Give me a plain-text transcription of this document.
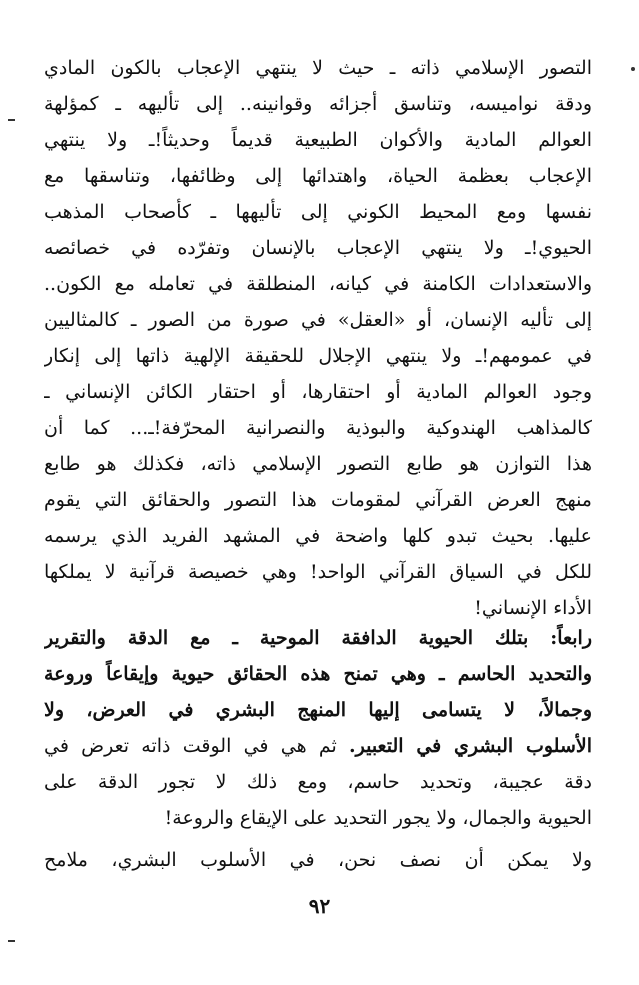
التصور الإسلامي ذاته ـ حيث لا ينتهي الإعجاب بالكون المادي
ودقة نواميسه، وتناسق أجزائه وقوانينه.. إلى تأليهه ـ كمؤلهة
العوالم المادية والأكوان الطبيعية قديماً وحديثاً!ـ ولا ينتهي
الإعجاب بعظمة الحياة، واهتدائها إلى وظائفها، وتناسقها مع
نفسها ومع المحيط الكوني إلى تأليهها ـ كأصحاب المذهب
الحيوي!ـ ولا ينتهي الإعجاب بالإنسان وتفرّده في خصائصه
والاستعدادات الكامنة في كيانه، المنطلقة في تعامله مع الكون..
إلى تأليه الإنسان، أو «العقل» في صورة من الصور ـ كالمثاليين
في عمومهم!ـ ولا ينتهي الإجلال للحقيقة الإلهية ذاتها إلى إنكار
وجود العوالم المادية أو احتقارها، أو احتقار الكائن الإنساني ـ
كالمذاهب الهندوكية والبوذية والنصرانية المحرّفة!ـ... كما أن
هذا التوازن هو طابع التصور الإسلامي ذاته، فكذلك هو طابع
منهج العرض القرآني لمقومات هذا التصور والحقائق التي يقوم
عليها. بحيث تبدو كلها واضحة في المشهد الفريد الذي يرسمه
للكل في السياق القرآني الواحد! وهي خصيصة قرآنية لا يملكها
الأداء الإنساني!
رابعاً: بتلك الحيوية الدافقة الموحية ـ مع الدقة والتقرير
والتحديد الحاسم ـ وهي تمنح هذه الحقائق حيوية وإيقاعاً وروعة
وجمالاً، لا يتسامى إليها المنهج البشري في العرض، ولا
الأسلوب البشري في التعبير. ثم هي في الوقت ذاته تعرض في
دقة عجيبة، وتحديد حاسم، ومع ذلك لا تجور الدقة على
الحيوية والجمال، ولا يجور التحديد على الإيقاع والروعة!
ولا يمكن أن نصف نحن، في الأسلوب البشري، ملامح
٩٢
